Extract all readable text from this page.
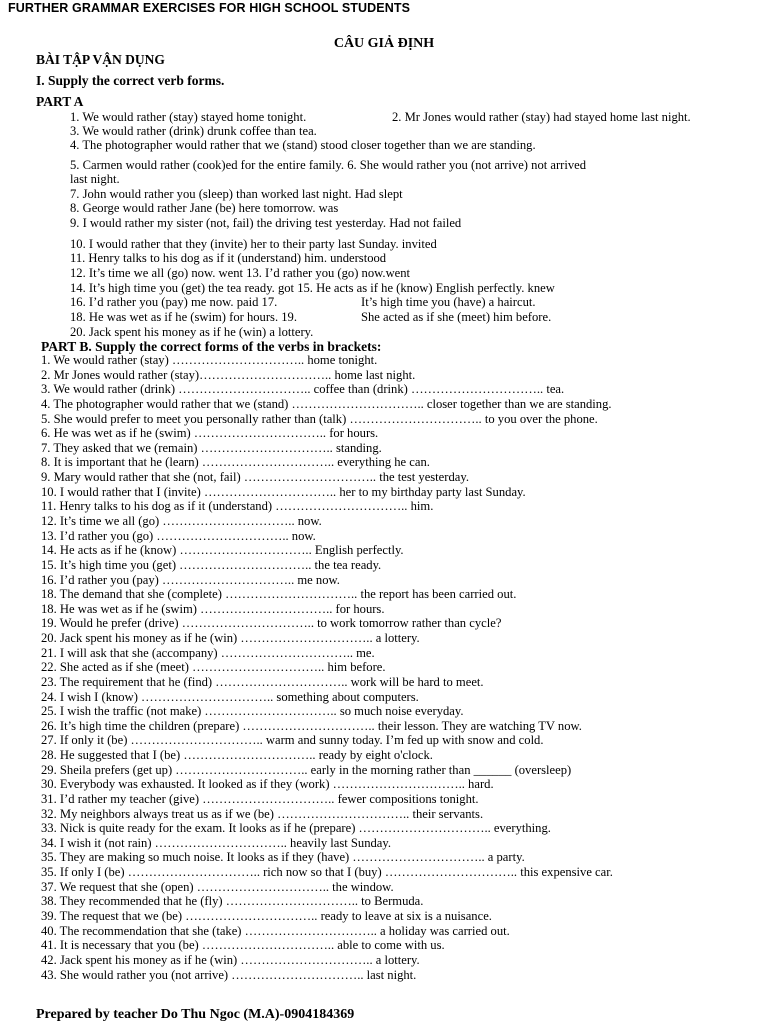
FURTHER GRAMMAR EXERCISES FOR HIGH SCHOOL STUDENTS
CÂU GIẢ ĐỊNH
BÀI TẬP VẬN DỤNG
I. Supply the correct verb forms.
PART A
1. We would rather (stay) stayed home tonight.	2. Mr Jones would rather (stay) had stayed home last night.
3. We would rather (drink) drunk coffee than tea.
4. The photographer would rather that we (stand) stood closer together than we are standing.
5. Carmen would rather (cook)ed for the entire family. 6. She would rather you (not arrive) not arrived
last night.
7. John would rather you (sleep) than worked last night. Had slept
8. George would rather Jane (be) here tomorrow. was
9. I would rather my sister (not, fail) the driving test yesterday. Had not failed
10. I would rather that they (invite) her to their party last Sunday. invited
11. Henry talks to his dog as if it (understand) him. understood
12. It’s time we all (go) now. went 13. I’d rather you (go) now.went
14. It’s high time you (get) the tea ready. got 15. He acts as if he (know) English perfectly. knew
16. I’d rather you (pay) me now. paid 17.	It’s high time you (have) a haircut.
18. He was wet as if he (swim) for hours. 19.	She acted as if she (meet) him before.
20. Jack spent his money as if he (win) a lottery.
PART B. Supply the correct forms of the verbs in brackets:
1. We would rather (stay) ………………………….. home tonight.
2. Mr Jones would rather (stay)………………………….. home last night.
3. We would rather (drink) ………………………….. coffee than (drink) ………………………….. tea.
4. The photographer would rather that we (stand) ………………………….. closer together than we are standing.
5. She would prefer to meet you personally rather than (talk) ………………………….. to you over the phone.
6. He was wet as if he (swim) ………………………….. for hours.
7. They asked that we (remain) ………………………….. standing.
8. It is important that he (learn) ………………………….. everything he can.
9. Mary would rather that she (not, fail) ………………………….. the test yesterday.
10. I would rather that I (invite) ………………………….. her to my birthday party last Sunday.
11. Henry talks to his dog as if it (understand) ………………………….. him.
12. It’s time we all (go) ………………………….. now.
13. I’d rather you (go) ………………………….. now.
14. He acts as if he (know) ………………………….. English perfectly.
15. It’s high time you (get) ………………………….. the tea ready.
16. I’d rather you (pay) ………………………….. me now.
18. The demand that she (complete) ………………………….. the report has been carried out.
18. He was wet as if he (swim) ………………………….. for hours.
19. Would he prefer (drive) ………………………….. to work tomorrow rather than cycle?
20. Jack spent his money as if he (win) ………………………….. a lottery.
21. I will ask that she (accompany) ………………………….. me.
22. She acted as if she (meet) ………………………….. him before.
23. The requirement that he (find) ………………………….. work will be hard to meet.
24. I wish I (know) ………………………….. something about computers.
25. I wish the traffic (not make) ………………………….. so much noise everyday.
26. It’s high time the children (prepare) ………………………….. their lesson. They are watching TV now.
27. If only it (be) ………………………….. warm and sunny today. I’m fed up with snow and cold.
28. He suggested that I (be) ………………………….. ready by eight o'clock.
29. Sheila prefers (get up) ………………………….. early in the morning rather than ______ (oversleep)
30. Everybody was exhausted. It looked as if they (work) ………………………….. hard.
31. I’d rather my teacher (give) ………………………….. fewer compositions tonight.
32. My neighbors always treat us as if we (be) ………………………….. their servants.
33. Nick is quite ready for the exam. It looks as if he (prepare) ………………………….. everything.
34. I wish it (not rain) ………………………….. heavily last Sunday.
35. They are making so much noise. It looks as if they (have) ………………………….. a party.
35. If only I (be) ………………………….. rich now so that I (buy) ………………………….. this expensive car.
37. We request that she (open) ………………………….. the window.
38. They recommended that he (fly) ………………………….. to Bermuda.
39. The request that we (be) ………………………….. ready to leave at six is a nuisance.
40. The recommendation that she (take) ………………………….. a holiday was carried out.
41. It is necessary that you (be) ………………………….. able to come with us.
42. Jack spent his money as if he (win) ………………………….. a lottery.
43. She would rather you (not arrive) ………………………….. last night.
Prepared by teacher Do Thu Ngoc (M.A)-0904184369
